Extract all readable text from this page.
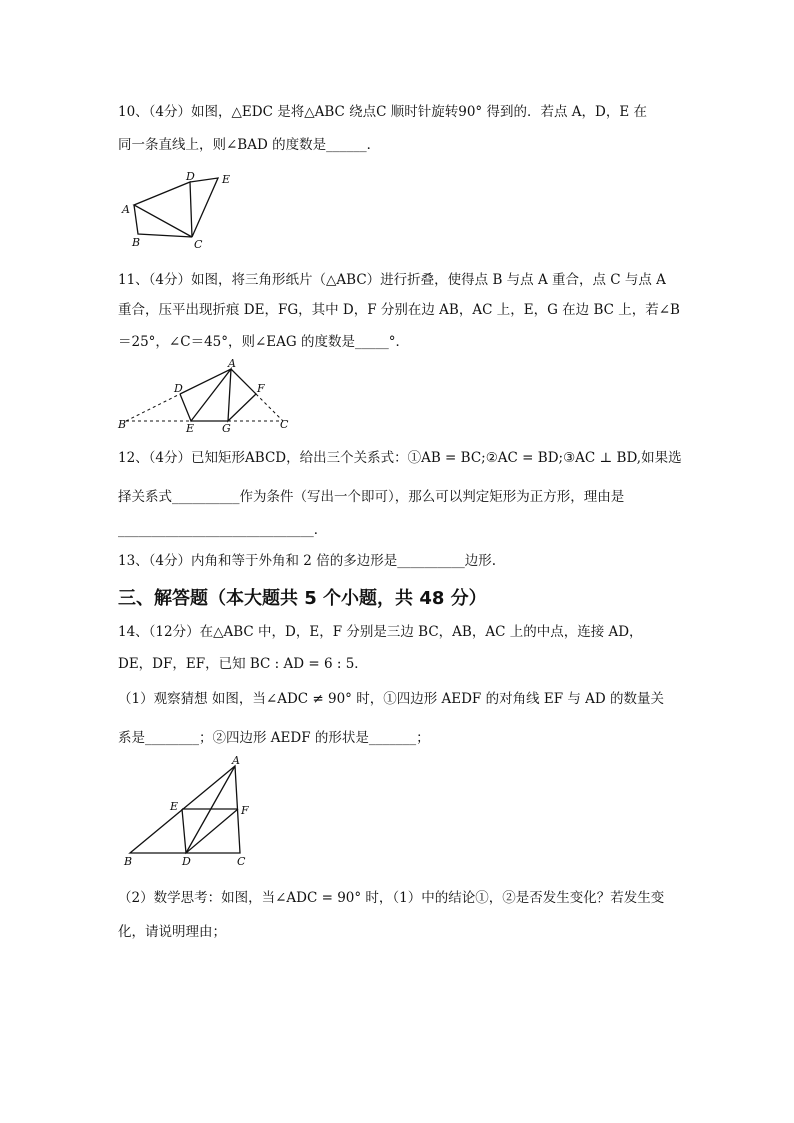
10、（4分）如图，△EDC 是将△ABC 绕点C 顺时针旋转90° 得到的．若点 A，D，E 在
同一条直线上，则∠BAD 的度数是______．
A
B	C
D E
11、（4分）如图，将三角形纸片（△ABC）进行折叠，使得点 B 与点 A 重合，点 C 与点 A
重合，压平出现折痕 DE，FG，其中 D，F 分别在边 AB，AC 上，E，G 在边 BC 上，若∠B
＝25°，∠C＝45°，则∠EAG 的度数是_____°．
A
B	C
D
E
F
G
12、（4分）已知矩形ABCD，给出三个关系式：①AB = BC;②AC = BD;③AC ⊥ BD,如果选
择关系式__________作为条件（写出一个即可），那么可以判定矩形为正方形，理由是
_____________________________．
13、（4分）内角和等于外角和 2 倍的多边形是__________边形.
三、解答题（本大题共 5 个小题，共 48 分）
14、（12分）在△ABC 中，D，E，F 分别是三边 BC，AB，AC 上的中点，连接 AD，
DE，DF，EF，已知 BC : AD = 6 : 5．
（1）观察猜想 如图，当∠ADC ≠ 90° 时，①四边形 AEDF 的对角线 EF 与 AD 的数量关
系是________；②四边形 AEDF 的形状是_______；
A
B	C
D
E	F
（2）数学思考：如图，当∠ADC = 90° 时，（1）中的结论①，②是否发生变化？若发生变
化，请说明理由；
